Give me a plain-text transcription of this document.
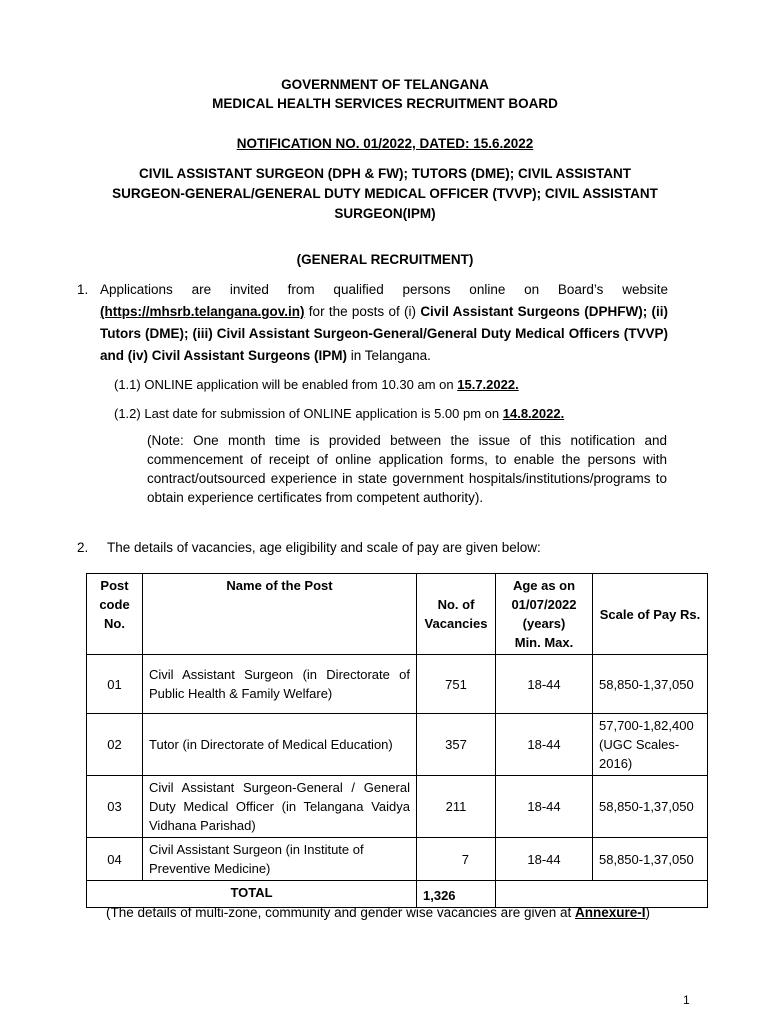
GOVERNMENT OF TELANGANA
MEDICAL HEALTH SERVICES RECRUITMENT BOARD
NOTIFICATION NO. 01/2022, DATED: 15.6.2022
CIVIL ASSISTANT SURGEON (DPH & FW); TUTORS (DME); CIVIL ASSISTANT
SURGEON-GENERAL/GENERAL DUTY MEDICAL OFFICER (TVVP); CIVIL ASSISTANT
SURGEON(IPM)
(GENERAL RECRUITMENT)
1. Applications are invited from qualified persons online on Board’s website (https://mhsrb.telangana.gov.in) for the posts of (i) Civil Assistant Surgeons (DPHFW); (ii) Tutors (DME); (iii) Civil Assistant Surgeon-General/General Duty Medical Officers (TVVP) and (iv) Civil Assistant Surgeons (IPM) in Telangana.
(1.1) ONLINE application will be enabled from 10.30 am on 15.7.2022.
(1.2) Last date for submission of ONLINE application is 5.00 pm on 14.8.2022.
(Note: One month time is provided between the issue of this notification and commencement of receipt of online application forms, to enable the persons with contract/outsourced experience in state government hospitals/institutions/programs to obtain experience certificates from competent authority).
2. The details of vacancies, age eligibility and scale of pay are given below:
Post code No.	Name of the Post	No. of Vacancies	Age as on
01/07/2022
(years)
Min. Max.	Scale of Pay Rs.
01	Civil Assistant Surgeon (in Directorate of Public Health & Family Welfare)	751	18-44	58,850-1,37,050
02	Tutor (in Directorate of Medical Education)	357	18-44	57,700-1,82,400 (UGC Scales-2016)
03	Civil Assistant Surgeon-General / General Duty Medical Officer (in Telangana Vaidya Vidhana Parishad)	211	18-44	58,850-1,37,050
04	Civil Assistant Surgeon (in Institute of Preventive Medicine)	7	18-44	58,850-1,37,050
TOTAL		1,326		
(The details of multi-zone, community and gender wise vacancies are given at Annexure-I)
1
